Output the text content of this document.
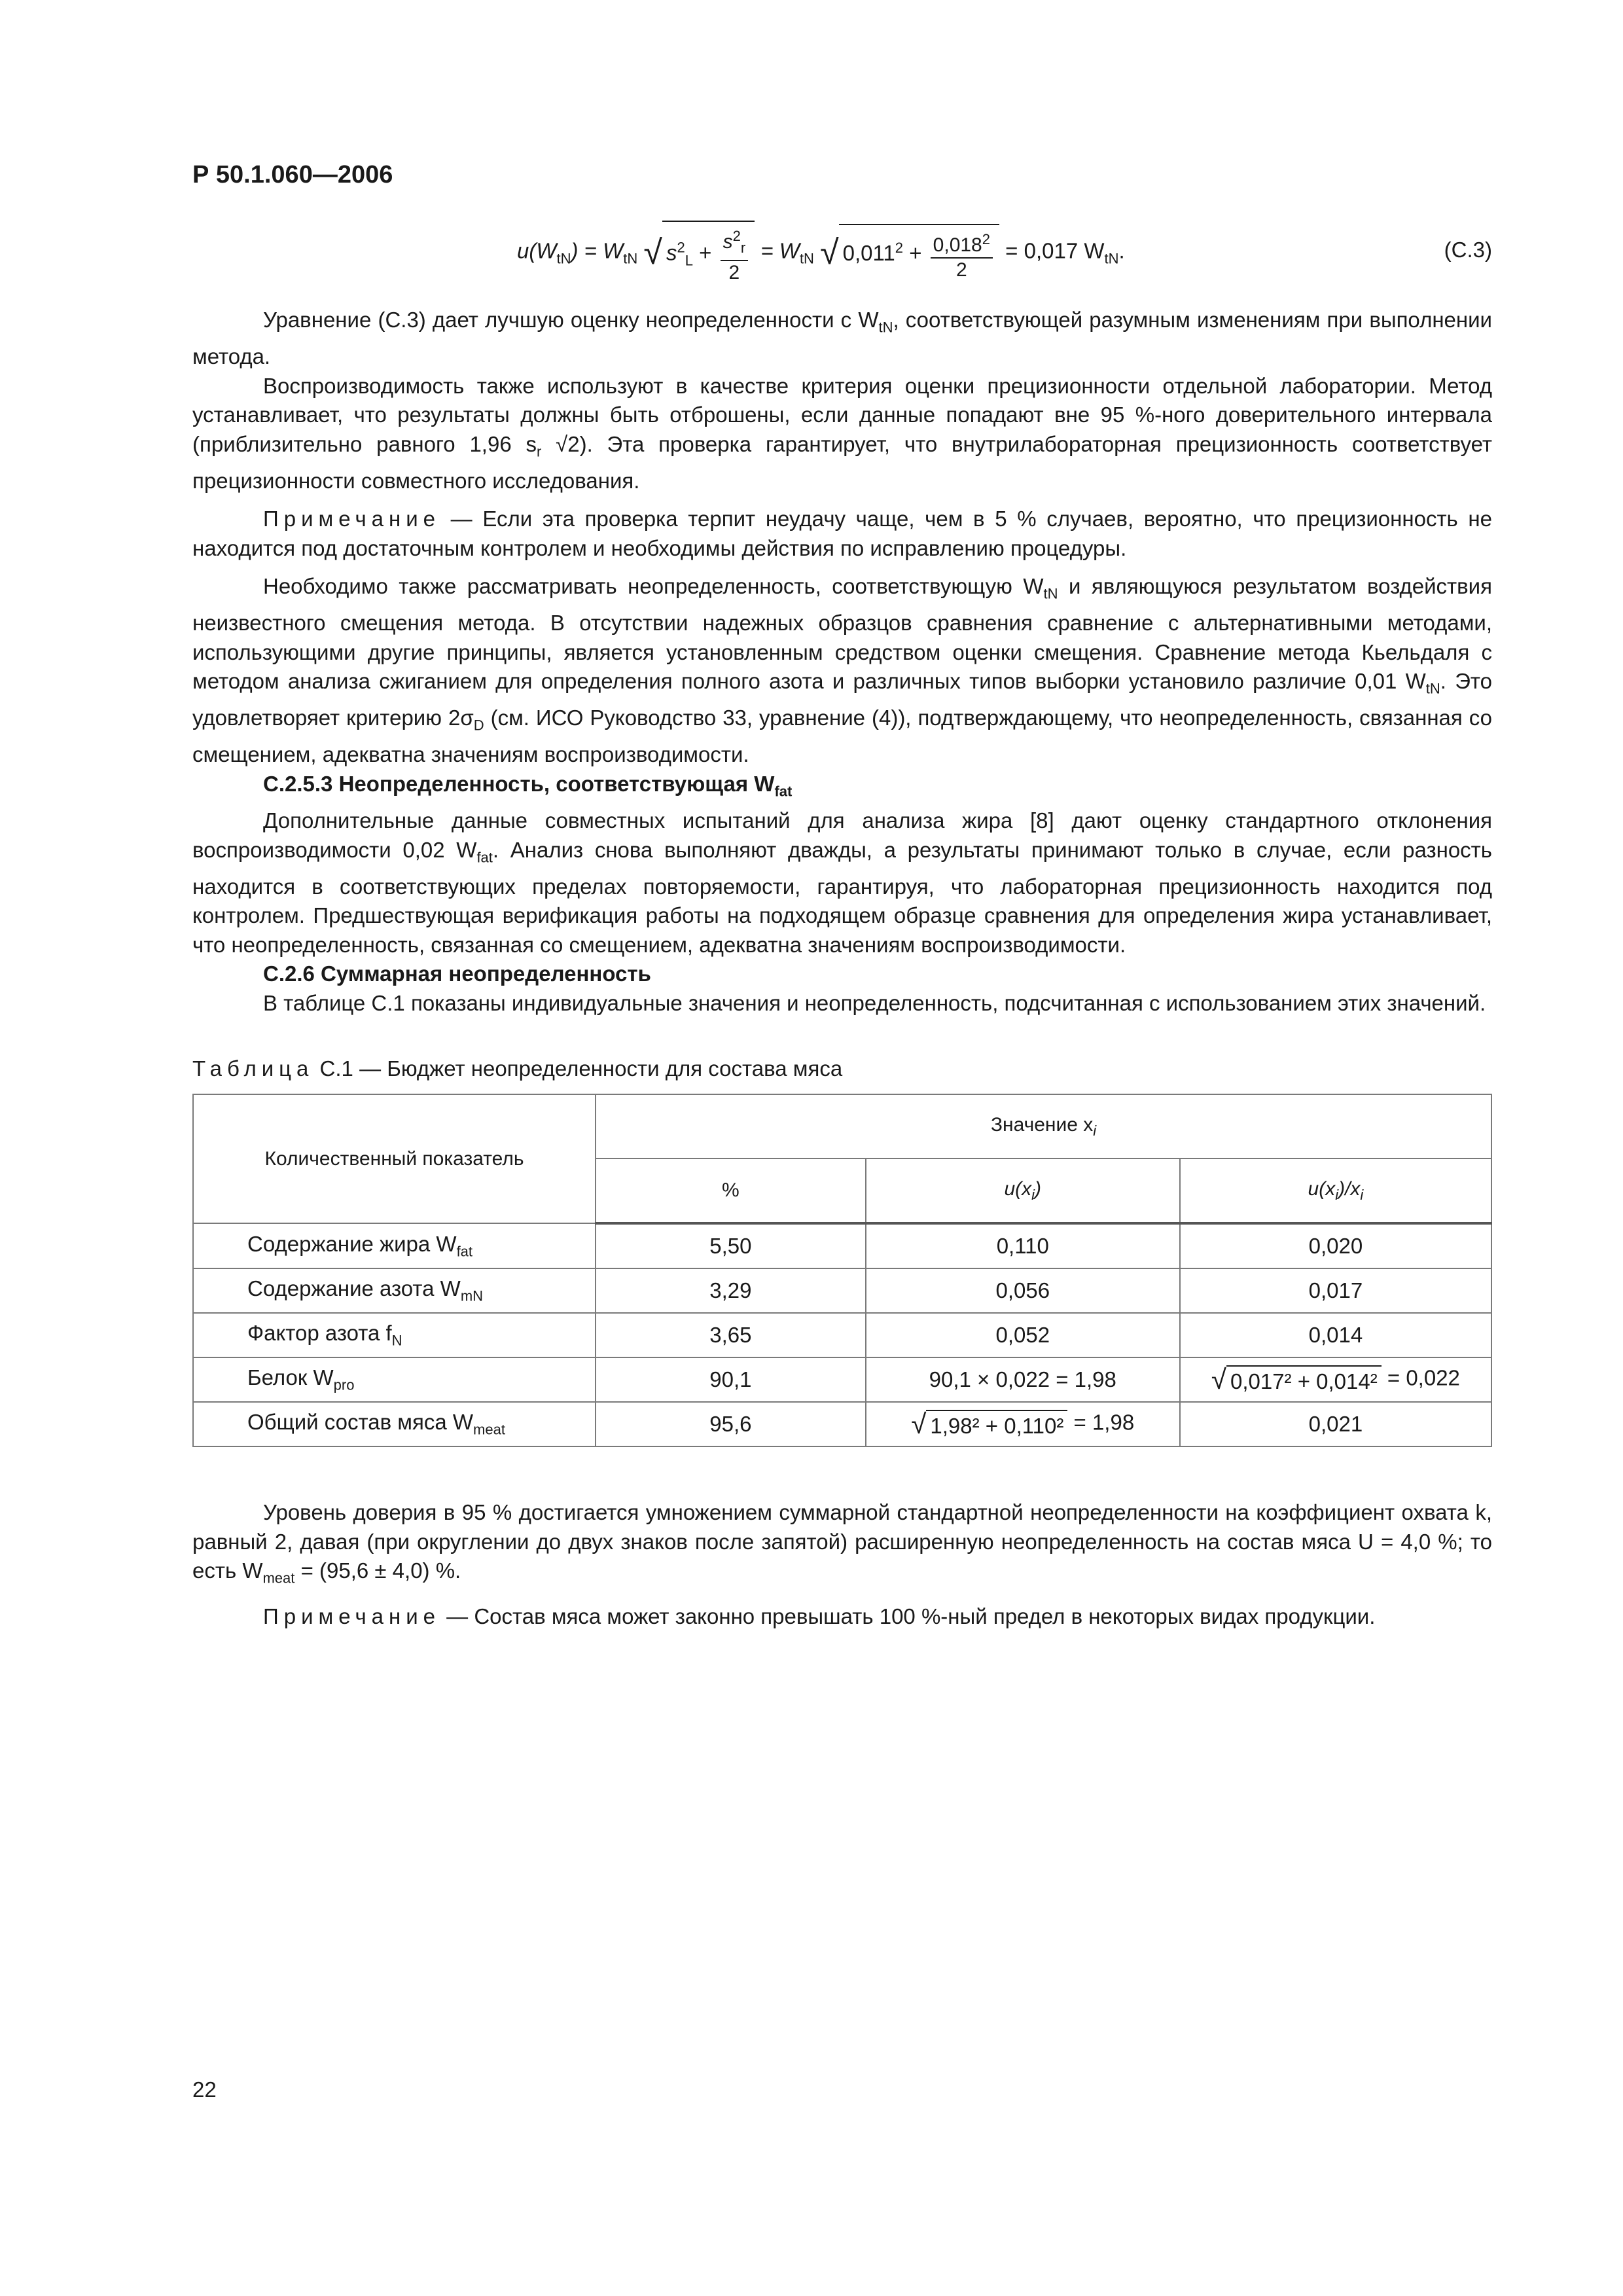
Р 50.1.060—2006
$u(W_{tN}) = W_{tN}$ √ $s^2_L + \frac{s^2_r}{2} = W_{tN}$ √ $0,011^2 + \frac{0,018^2}{2} = 0,017$ $W_{tN}$.	(С.3)

Уравнение (С.3) дает лучшую оценку неопределенности с $W_{tN}$, соответствующей разумным изменениям при выполнении метода.

Воспроизводимость также используют в качестве критерия оценки прецизионности отдельной лаборатории. Метод устанавливает, что результаты должны быть отброшены, если данные попадают вне 95 %-ного доверительного интервала (приблизительно равного 1,96 $s_r$ √2). Эта проверка гарантирует, что внутрилабораторная прецизионность соответствует прецизионности совместного исследования.

Примечание — Если эта проверка терпит неудачу чаще, чем в 5 % случаев, вероятно, что прецизионность не находится под достаточным контролем и необходимы действия по исправлению процедуры.

Необходимо также рассматривать неопределенность, соответствующую $W_{tN}$ и являющуюся результатом воздействия неизвестного смещения метода. В отсутствии надежных образцов сравнения сравнение с альтернативными методами, использующими другие принципы, является установленным средством оценки смещения. Сравнение метода Кьельдаля с методом анализа сжиганием для определения полного азота и различных типов выборки установило различие 0,01 $W_{tN}$. Это удовлетворяет критерию $2\sigma_D$ (см. ИСО Руководство 33, уравнение (4)), подтверждающему, что неопределенность, связанная со смещением, адекватна значениям воспроизводимости.

С.2.5.3 Неопределенность, соответствующая $W_{fat}$

Дополнительные данные совместных испытаний для анализа жира [8] дают оценку стандартного отклонения воспроизводимости 0,02 $W_{fat}$. Анализ снова выполняют дважды, а результаты принимают только в случае, если разность находится в соответствующих пределах повторяемости, гарантируя, что лабораторная прецизионность находится под контролем. Предшествующая верификация работы на подходящем образце сравнения для определения жира устанавливает, что неопределенность, связанная со смещением, адекватна значениям воспроизводимости.

С.2.6 Суммарная неопределенность

В таблице С.1 показаны индивидуальные значения и неопределенность, подсчитанная с использованием этих значений.

Таблица С.1 — Бюджет неопределенности для состава мяса
Количественный показатель	Значение $x_i$
	%	$u(x_i)$	$u(x_i)/x_i$
Содержание жира $W_{fat}$	5,50	0,110	0,020
Содержание азота $W_{mN}$	3,29	0,056	0,017
Фактор азота $f_N$	3,65	0,052	0,014
Белок $W_{pro}$	90,1	90,1 × 0,022 = 1,98	√ 0,017² + 0,014² = 0,022
Общий состав мяса $W_{meat}$	95,6	√ 1,98² + 0,110² = 1,98	0,021

Уровень доверия в 95 % достигается умножением суммарной стандартной неопределенности на коэффициент охвата k, равный 2, давая (при округлении до двух знаков после запятой) расширенную неопределенность на состав мяса U = 4,0 %; то есть $W_{meat} = (95,6 \pm 4,0)$ %.

Примечание — Состав мяса может законно превышать 100 %-ный предел в некоторых видах продукции.

22
